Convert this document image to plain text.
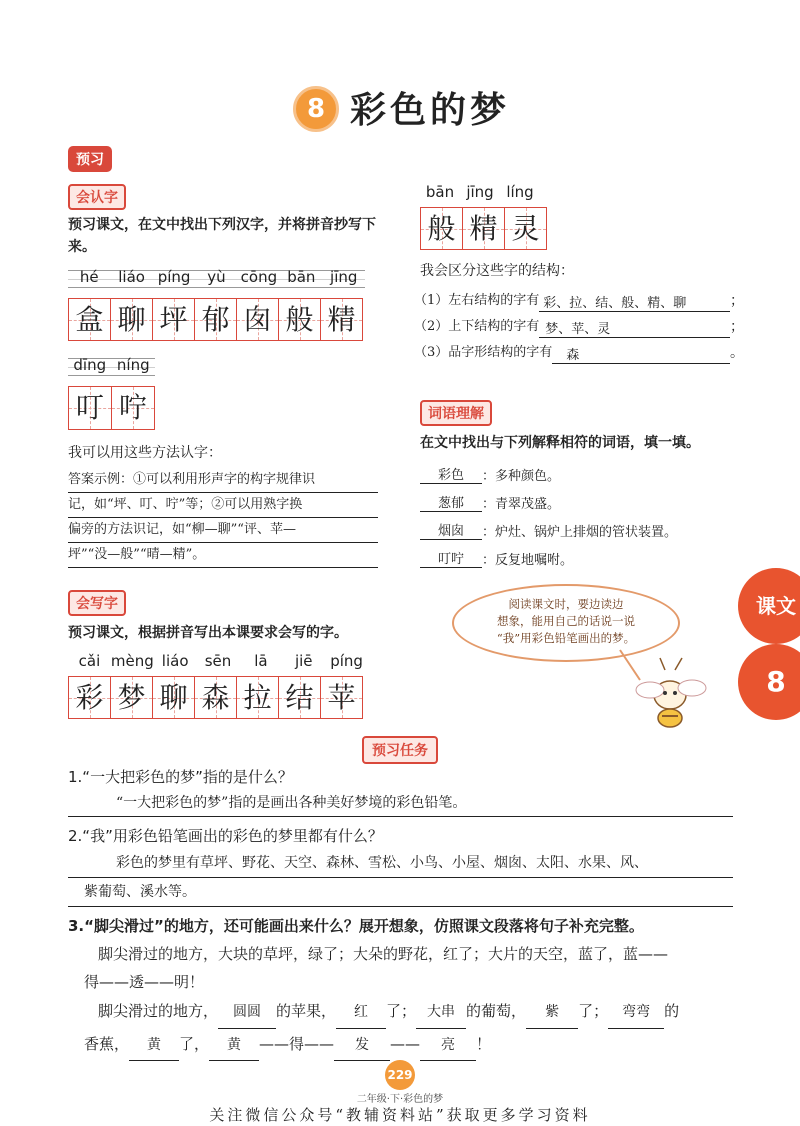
8 彩色的梦
预习
会认字
预习课文，在文中找出下列汉字，并将拼音抄写下来。
hé	liáo píng	yù	cōng bān jīng
盒 聊 坪 郁 囱 般 精
dīng níng
叮 咛
我可以用这些方法认字：
答案示例：①可以利用形声字的构字规律识
记，如“坪、叮、咛”等；②可以用熟字换
偏旁的方法识记，如“柳—聊”“评、苹—
坪”“没—般”“晴—精”。
会写字
预习课文，根据拼音写出本课要求会写的字。
cǎi mèng liáo	sēn	lā	jiē	píng
彩 梦 聊 森 拉 结 苹
bān jīng líng
般 精 灵
我会区分这些字的结构：
（1）左右结构的字有 彩、拉、结、般、精、聊	；
（2）上下结构的字有 梦、苹、灵	；
（3）品字形结构的字有	森	。
词语理解
在文中找出与下列解释相符的词语，填一填。
彩色	：多种颜色。
葱郁	：青翠茂盛。
烟囱	：炉灶、锅炉上排烟的管状装置。
叮咛	：反复地嘱咐。
阅读课文时，要边读边
想象，能用自己的话说一说
“我”用彩色铅笔画出的梦。
课文
8
预习任务
1.“一大把彩色的梦”指的是什么？
“一大把彩色的梦”指的是画出各种美好梦境的彩色铅笔。
2.“我”用彩色铅笔画出的彩色的梦里都有什么？
彩色的梦里有草坪、野花、天空、森林、雪松、小鸟、小屋、烟囱、太阳、水果、风、
紫葡萄、溪水等。
3.“脚尖滑过”的地方，还可能画出来什么？展开想象，仿照课文段落将句子补充完整。
脚尖滑过的地方，大块的草坪，绿了；大朵的野花，红了；大片的天空，蓝了，蓝——
得——透——明！
脚尖滑过的地方， 圆圆 的苹果， 红 了； 大串 的葡萄， 紫 了； 弯弯 的
香蕉， 黄 了， 黄 ——得—— 发 —— 亮 ！
229
二年级·下·彩色的梦
关注微信公众号“教辅资料站”获取更多学习资料
